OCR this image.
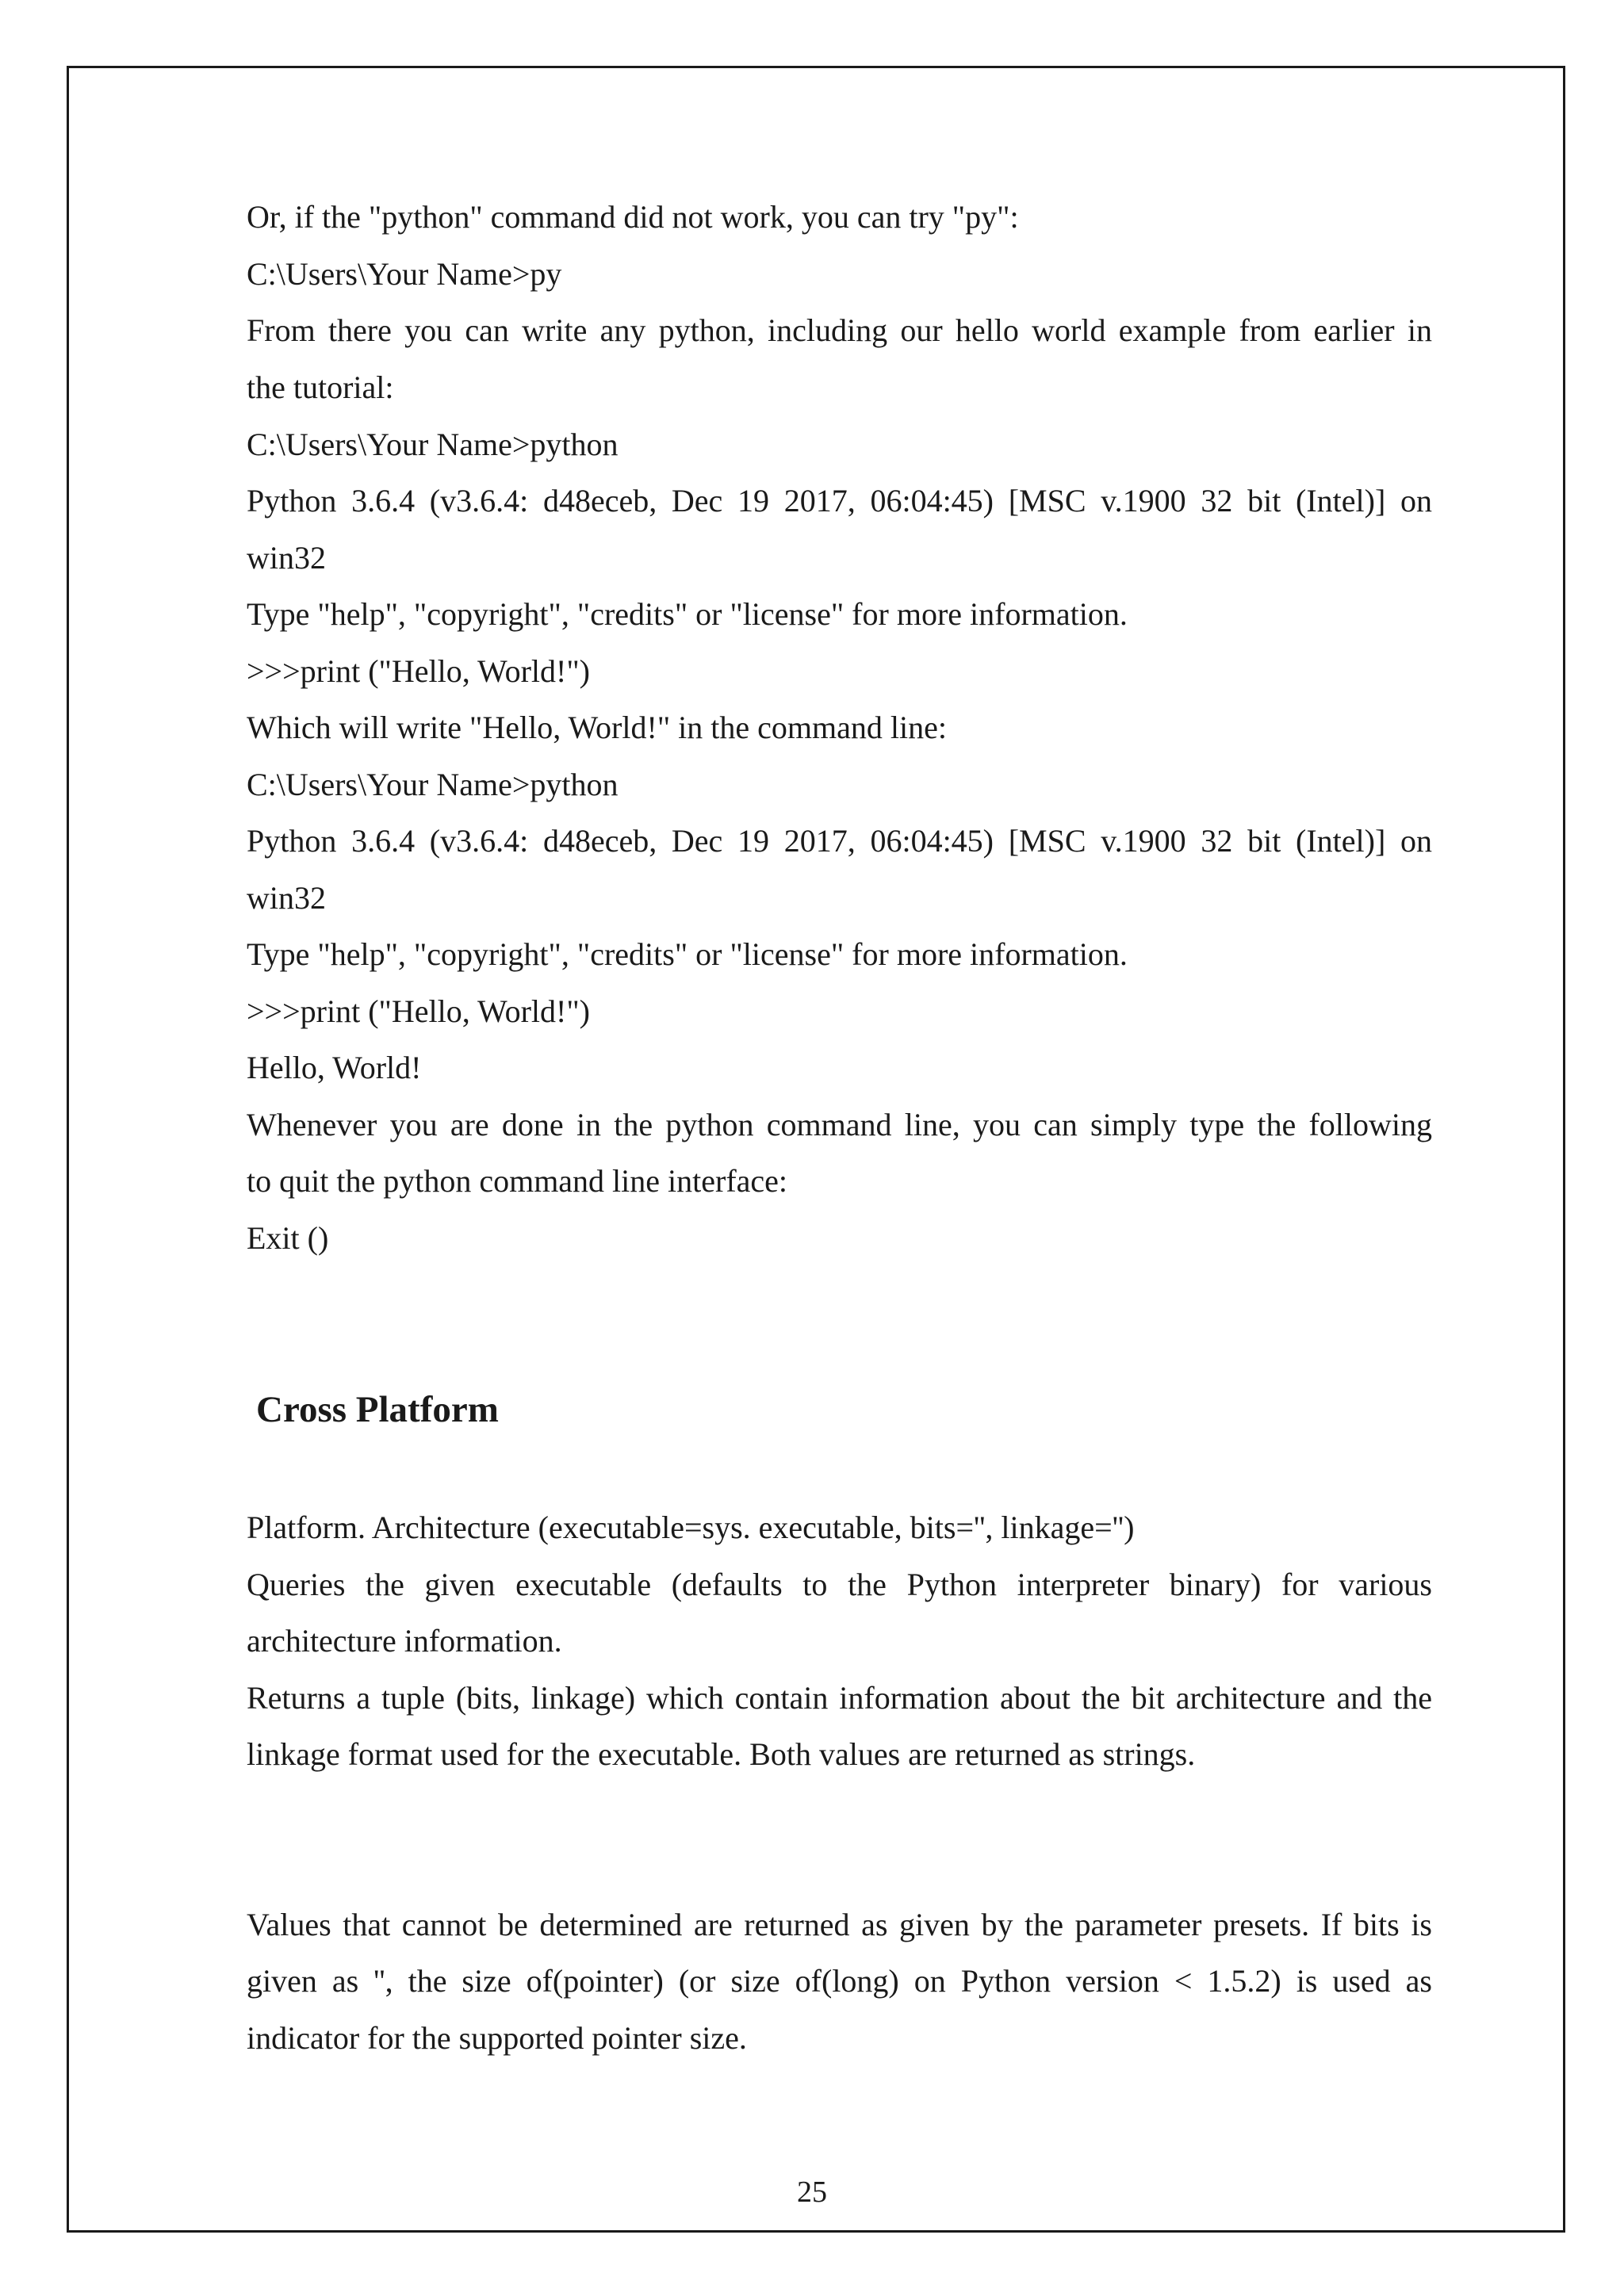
Or, if the "python" command did not work, you can try "py":
C:\Users\Your Name>py
From there you can write any python, including our hello world example from earlier in
the tutorial:
C:\Users\Your Name>python
Python 3.6.4 (v3.6.4: d48eceb, Dec 19 2017, 06:04:45) [MSC v.1900 32 bit (Intel)] on
win32
Type "help", "copyright", "credits" or "license" for more information.
>>>print ("Hello, World!")
Which will write "Hello, World!" in the command line:
C:\Users\Your Name>python
Python 3.6.4 (v3.6.4: d48eceb, Dec 19 2017, 06:04:45) [MSC v.1900 32 bit (Intel)] on
win32
Type "help", "copyright", "credits" or "license" for more information.
>>>print ("Hello, World!")
Hello, World!
Whenever you are done in the python command line, you can simply type the following
to quit the python command line interface:
Exit ()
Cross Platform
Platform. Architecture (executable=sys. executable, bits='', linkage='')
Queries the given executable (defaults to the Python interpreter binary) for various
architecture information.
Returns a tuple (bits, linkage) which contain information about the bit architecture and the
linkage format used for the executable. Both values are returned as strings.
Values that cannot be determined are returned as given by the parameter presets. If bits is
given as '', the size of(pointer) (or size of(long) on Python version < 1.5.2) is used as
indicator for the supported pointer size.
25
